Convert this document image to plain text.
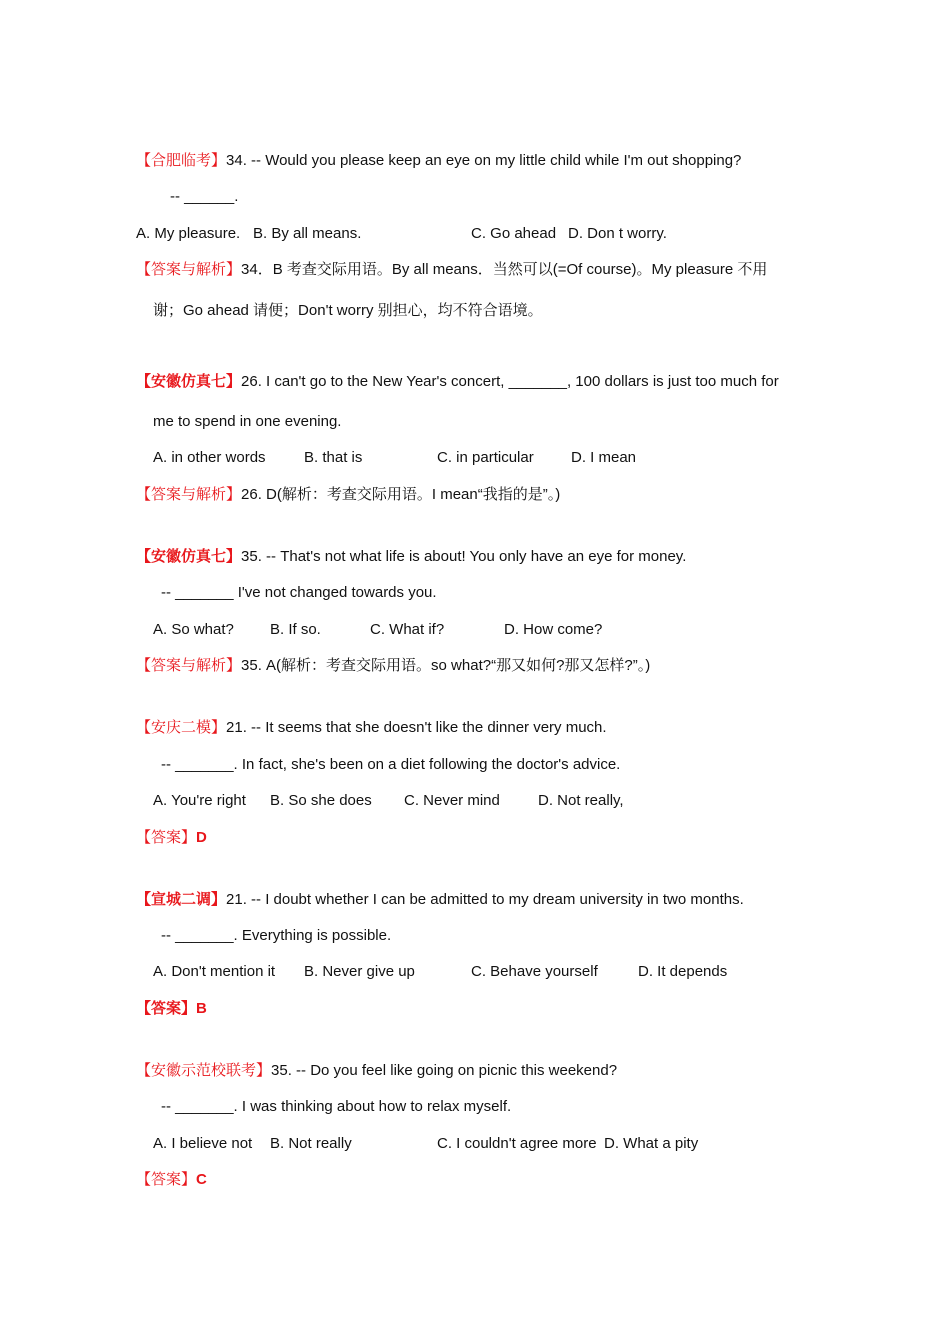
【合肥临考】34. -- Would you please keep an eye on my little child while I'm out shopping?
-- ______.
A. My pleasure. B. By all means.	C. Go ahead D. Don t worry.
【答案与解析】34．B 考查交际用语。By all means．当然可以(=Of course)。My pleasure 不用
谢；Go ahead 请便；Don't worry 别担心，均不符合语境。
【安徽仿真七】26. I can't go to the New Year's concert, _______, 100 dollars is just too much for
me to spend in one evening.
A. in other words	B. that is	C. in particular D. I mean
【答案与解析】26. D(解析：考查交际用语。I mean“我指的是”。)
【安徽仿真七】35. -- That's not what life is about! You only have an eye for money.
-- _______ I've not changed towards you.
A. So what? B. If so.	C. What if?	D. How come?
【答案与解析】35. A(解析：考查交际用语。so what?“那又如何?那又怎样?”。)
【安庆二模】21. -- It seems that she doesn't like the dinner very much.
-- _______. In fact, she's been on a diet following the doctor's advice.
A. You're right B. So she does C. Never mind	D. Not really,
【答案】D
【宣城二调】21. -- I doubt whether I can be admitted to my dream university in two months.
-- _______. Everything is possible.
A. Don't mention it B. Never give up	C. Behave yourself	D. It depends
【答案】B
【安徽示范校联考】35. -- Do you feel like going on picnic this weekend?
-- _______. I was thinking about how to relax myself.
A. I believe not B. Not really	C. I couldn't agree more D. What a pity
【答案】C
